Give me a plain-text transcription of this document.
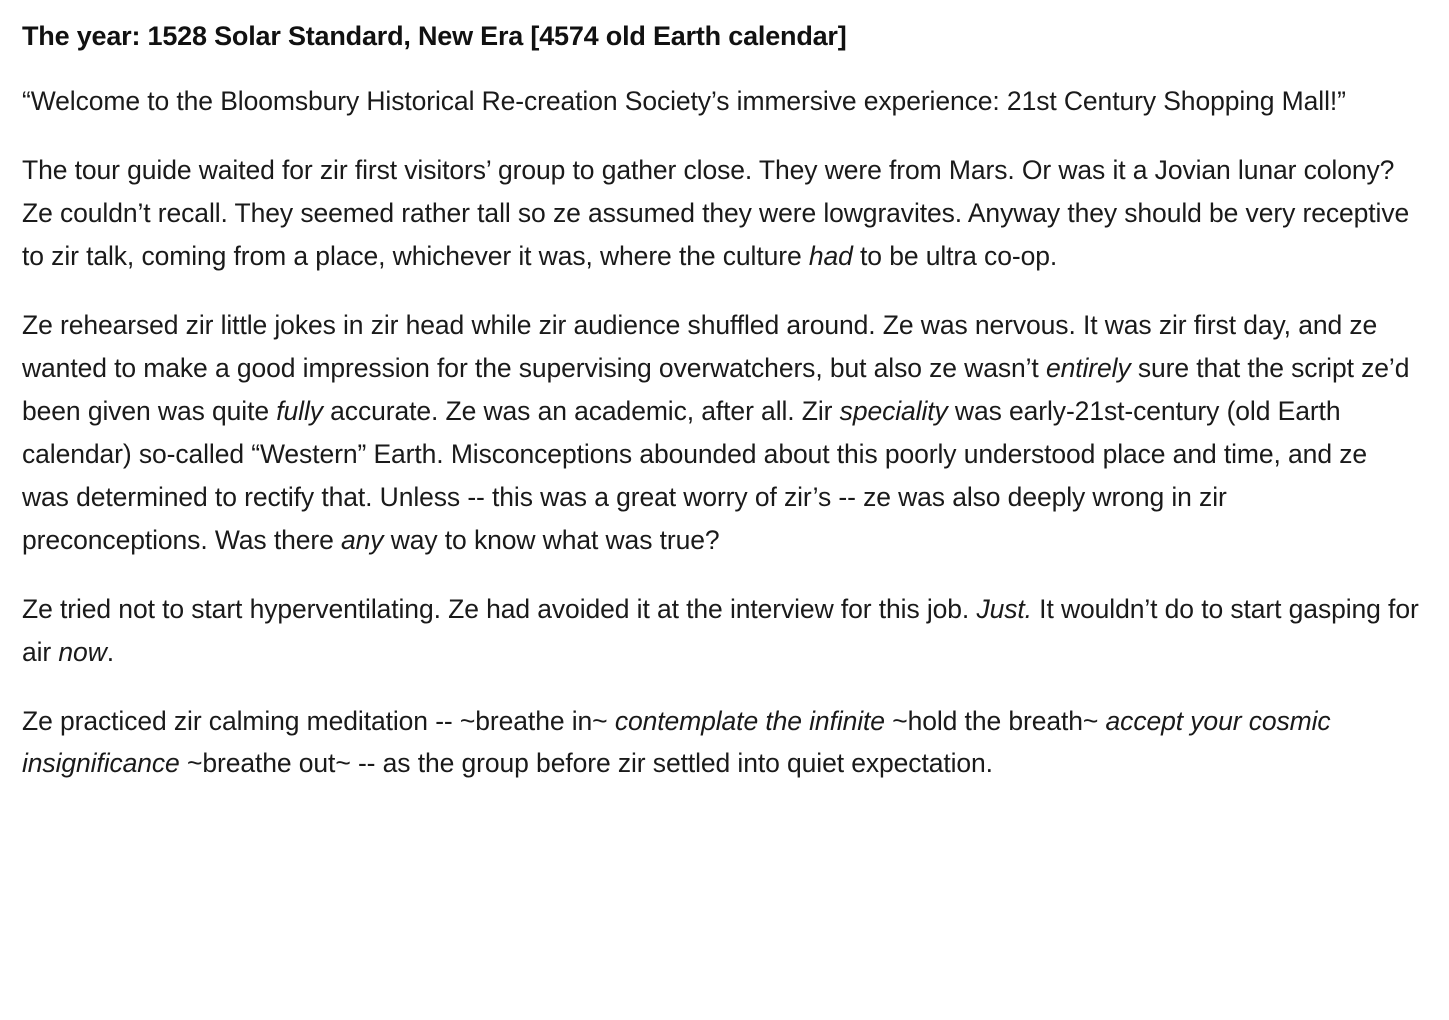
The year: 1528 Solar Standard, New Era [4574 old Earth calendar]

“Welcome to the Bloomsbury Historical Re-creation Society’s immersive experience: 21st Century Shopping Mall!”

The tour guide waited for zir first visitors’ group to gather close. They were from Mars. Or was it a Jovian lunar colony? Ze couldn’t recall. They seemed rather tall so ze assumed they were lowgravites. Anyway they should be very receptive to zir talk, coming from a place, whichever it was, where the culture had to be ultra co-op.

Ze rehearsed zir little jokes in zir head while zir audience shuffled around. Ze was nervous. It was zir first day, and ze wanted to make a good impression for the supervising overwatchers, but also ze wasn’t entirely sure that the script ze’d been given was quite fully accurate. Ze was an academic, after all. Zir speciality was early-21st-century (old Earth calendar) so-called “Western” Earth. Misconceptions abounded about this poorly understood place and time, and ze was determined to rectify that. Unless -- this was a great worry of zir’s -- ze was also deeply wrong in zir preconceptions. Was there any way to know what was true?

Ze tried not to start hyperventilating. Ze had avoided it at the interview for this job. Just. It wouldn’t do to start gasping for air now.

Ze practiced zir calming meditation -- ~breathe in~ contemplate the infinite ~hold the breath~ accept your cosmic insignificance ~breathe out~ -- as the group before zir settled into quiet expectation.
